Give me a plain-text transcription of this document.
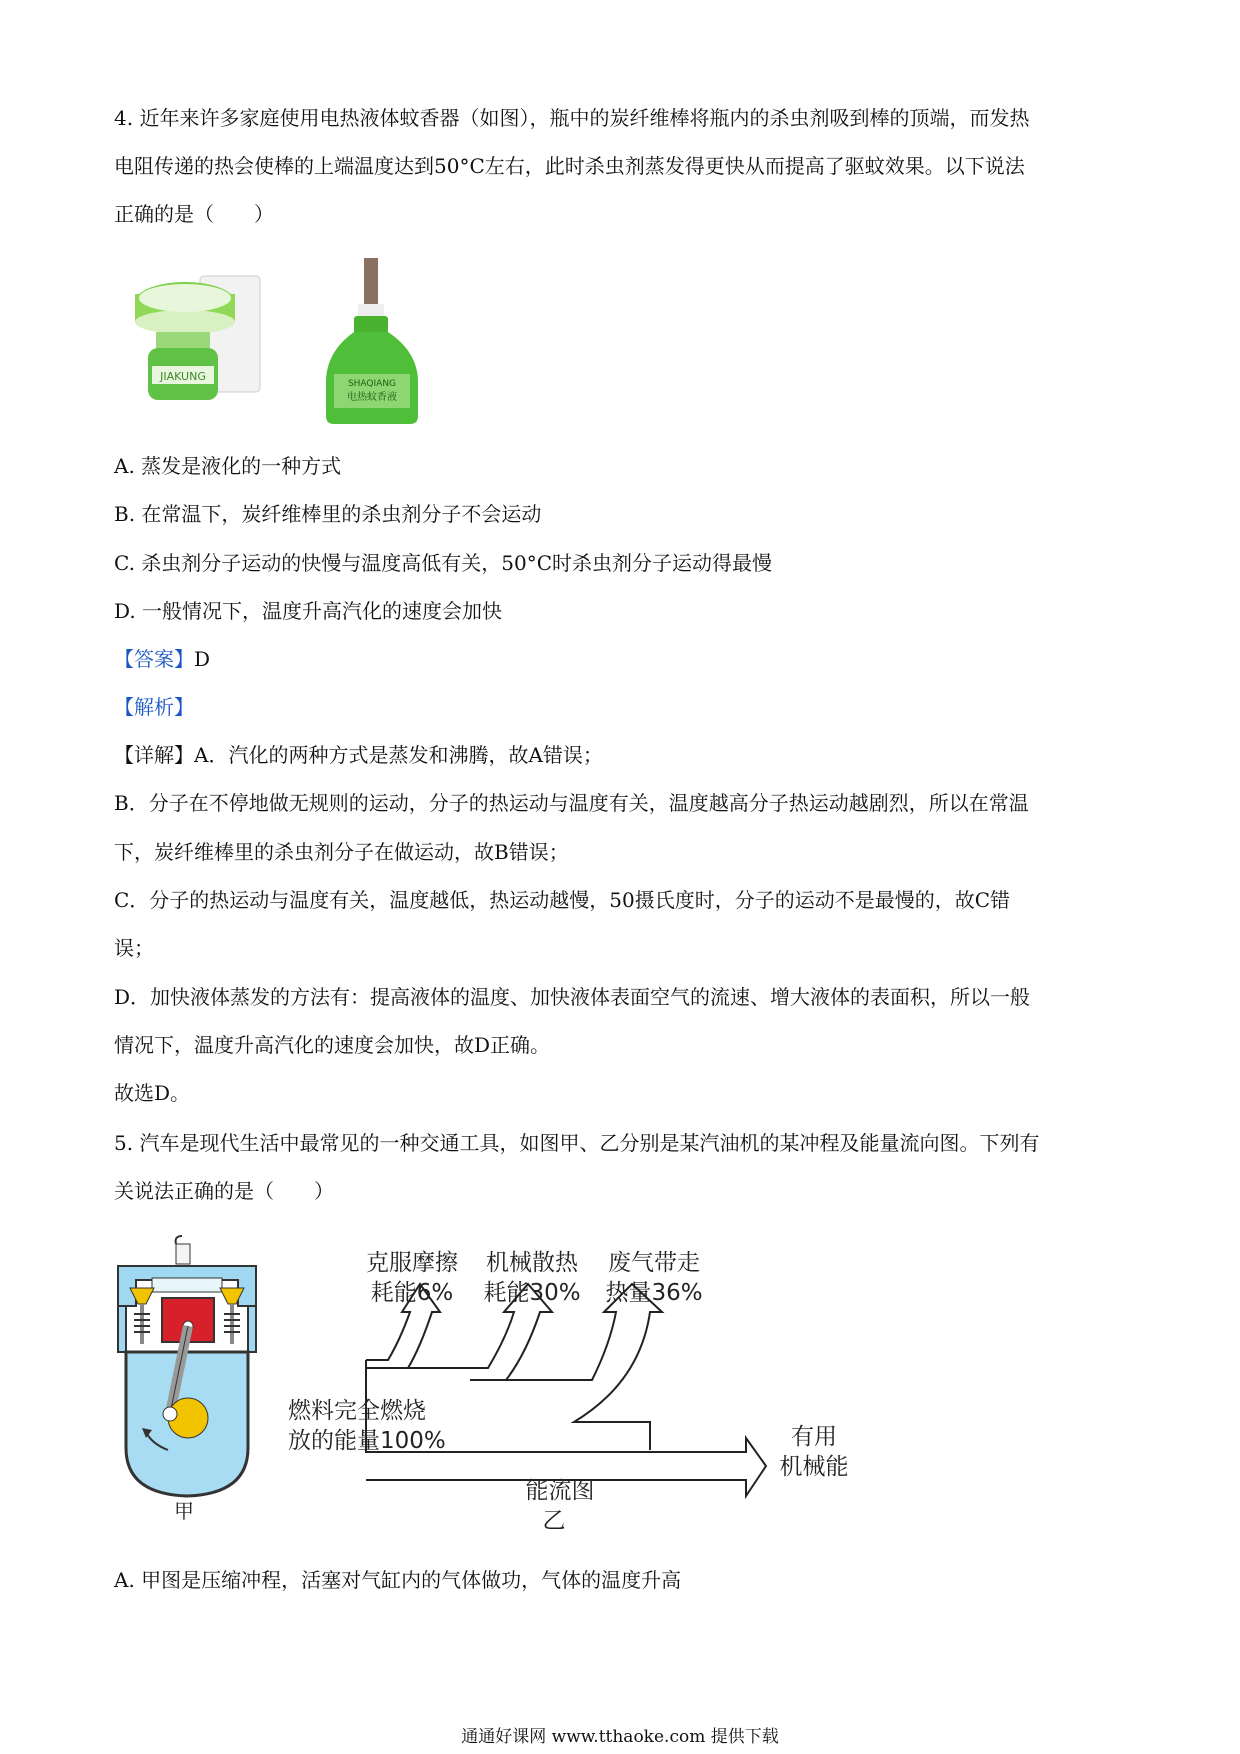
4. 近年来许多家庭使用电热液体蚊香器（如图），瓶中的炭纤维棒将瓶内的杀虫剂吸到棒的顶端，而发热
电阻传递的热会使棒的上端温度达到50°C左右，此时杀虫剂蒸发得更快从而提高了驱蚊效果。以下说法
正确的是（　　）
JIAKUNG
SHAQIANG
电热蚊香液
A. 蒸发是液化的一种方式
B. 在常温下，炭纤维棒里的杀虫剂分子不会运动
C. 杀虫剂分子运动的快慢与温度高低有关，50°C时杀虫剂分子运动得最慢
D. 一般情况下，温度升高汽化的速度会加快
【答案】D
【解析】
【详解】A．汽化的两种方式是蒸发和沸腾，故A错误；
B．分子在不停地做无规则的运动，分子的热运动与温度有关，温度越高分子热运动越剧烈，所以在常温
下，炭纤维棒里的杀虫剂分子在做运动，故B错误；
C．分子的热运动与温度有关，温度越低，热运动越慢，50摄氏度时，分子的运动不是最慢的，故C错
误；
D．加快液体蒸发的方法有：提高液体的温度、加快液体表面空气的流速、增大液体的表面积，所以一般
情况下，温度升高汽化的速度会加快，故D正确。
故选D。
5. 汽车是现代生活中最常见的一种交通工具，如图甲、乙分别是某汽油机的某冲程及能量流向图。下列有
关说法正确的是（　　）
甲
克服摩擦
耗能6%
机械散热
耗能30%
废气带走
热量36%
燃料完全燃烧
放的能量100%	有用
机械能
能流图
乙
A. 甲图是压缩冲程，活塞对气缸内的气体做功，气体的温度升高
通通好课网 www.tthaoke.com 提供下载
